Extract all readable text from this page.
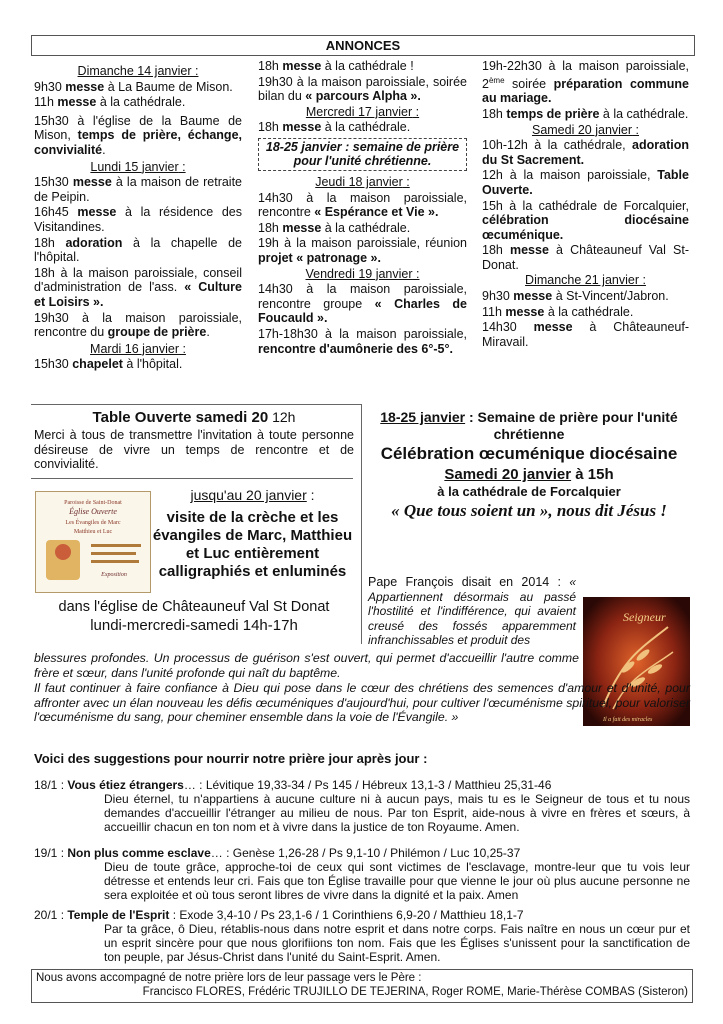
ANNONCES

Dimanche 14 janvier :

9h30 messe à La Baume de Mison.

11h messe à la cathédrale.

15h30 à l'église de la Baume de Mison, temps de prière, échange, convivialité.

Lundi 15 janvier :

15h30 messe à la maison de retraite de Peipin.

16h45 messe à la résidence des Visitandines.

18h adoration à la chapelle de l'hôpital.

18h à la maison paroissiale, conseil d'administration de l'ass. « Culture et Loisirs ».

19h30 à la maison paroissiale, rencontre du groupe de prière.

Mardi 16 janvier :

15h30 chapelet à l'hôpital.

18h messe à la cathédrale !

19h30 à la maison paroissiale, soirée bilan du « parcours Alpha ».

Mercredi 17 janvier :

18h messe à la cathédrale.

18-25 janvier : semaine de prière pour l'unité chrétienne.

Jeudi 18 janvier :

14h30 à la maison paroissiale, rencontre « Espérance et Vie ».

18h messe à la cathédrale.

19h à la maison paroissiale, réunion projet « patronage ».

Vendredi 19 janvier :

14h30 à la maison paroissiale, rencontre groupe « Charles de Foucauld ».

17h-18h30 à la maison paroissiale, rencontre d'aumônerie des 6°-5°.

19h-22h30 à la maison paroissiale, 2ème soirée préparation commune au mariage.

18h temps de prière à la cathédrale.

Samedi 20 janvier :

10h-12h à la cathédrale, adoration du St Sacrement.

12h à la maison paroissiale, Table Ouverte.

15h à la cathédrale de Forcalquier, célébration diocésaine œcuménique.

18h messe à Châteauneuf Val St-Donat.

Dimanche 21 janvier :

9h30 messe à St-Vincent/Jabron.

11h messe à la cathédrale.

14h30 messe à Châteauneuf-Miravail.

Table Ouverte samedi 20 12h
Merci à tous de transmettre l'invitation à toute personne désireuse de vivre un temps de rencontre et de convivialité.
Paroisse de Saint-Donat
Église Ouverte
Les Évangiles de Marc
Matthieu et Luc
Exposition
jusqu'au 20 janvier :
visite de la crèche et les évangiles de Marc, Matthieu et Luc entièrement calligraphiés et enluminés
dans l'église de Châteauneuf Val St Donat
lundi-mercredi-samedi 14h-17h
18-25 janvier : Semaine de prière pour l'unité chrétienne
Célébration œcuménique diocésaine
Samedi 20 janvier à 15h
à la cathédrale de Forcalquier
« Que tous soient un », nous dit Jésus !
Seigneur
Il a fait des miracles
Pape François disait en 2014 : « Appartiennent désormais au passé l'hostilité et l'indifférence, qui avaient creusé des fossés apparemment infranchissables et produit des
blessures profondes. Un processus de guérison s'est ouvert, qui permet d'accueillir l'autre comme frère et sœur, dans l'unité profonde qui naît du baptême.
Il faut continuer à faire confiance à Dieu qui pose dans le cœur des chrétiens des semences d'amour et d'unité, pour affronter avec un élan nouveau les défis œcuméniques d'aujourd'hui, pour cultiver l'œcuménisme spirituel, pour valoriser l'œcuménisme du sang, pour cheminer ensemble dans la voie de l'Évangile. »

Voici des suggestions pour nourrir notre prière jour après jour :

18/1 : Vous étiez étrangers… : Lévitique 19,33-34 / Ps 145 / Hébreux 13,1-3 / Matthieu 25,31-46

Dieu éternel, tu n'appartiens à aucune culture ni à aucun pays, mais tu es le Seigneur de tous et tu nous demandes d'accueillir l'étranger au milieu de nous. Par ton Esprit, aide-nous à vivre en frères et sœurs, à accueillir chacun en ton nom et à vivre dans la justice de ton Royaume. Amen.

19/1 : Non plus comme esclave… : Genèse 1,26-28 / Ps 9,1-10 / Philémon / Luc 10,25-37

Dieu de toute grâce, approche-toi de ceux qui sont victimes de l'esclavage, montre-leur que tu vois leur détresse et entends leur cri. Fais que ton Église travaille pour que vienne le jour où plus aucune personne ne sera exploitée et où tous seront libres de vivre dans la dignité et la paix. Amen

20/1 : Temple de l'Esprit : Exode 3,4-10 / Ps 23,1-6 / 1 Corinthiens 6,9-20 / Matthieu 18,1-7

Par ta grâce, ô Dieu, rétablis-nous dans notre esprit et dans notre corps. Fais naître en nous un cœur pur et un esprit sincère pour que nous glorifiions ton nom. Fais que les Églises s'unissent pour la sanctification de ton peuple, par Jésus-Christ dans l'unité du Saint-Esprit. Amen.

Nous avons accompagné de notre prière lors de leur passage vers le Père :
Francisco FLORES, Frédéric TRUJILLO DE TEJERINA, Roger ROME, Marie-Thérèse COMBAS (Sisteron)
